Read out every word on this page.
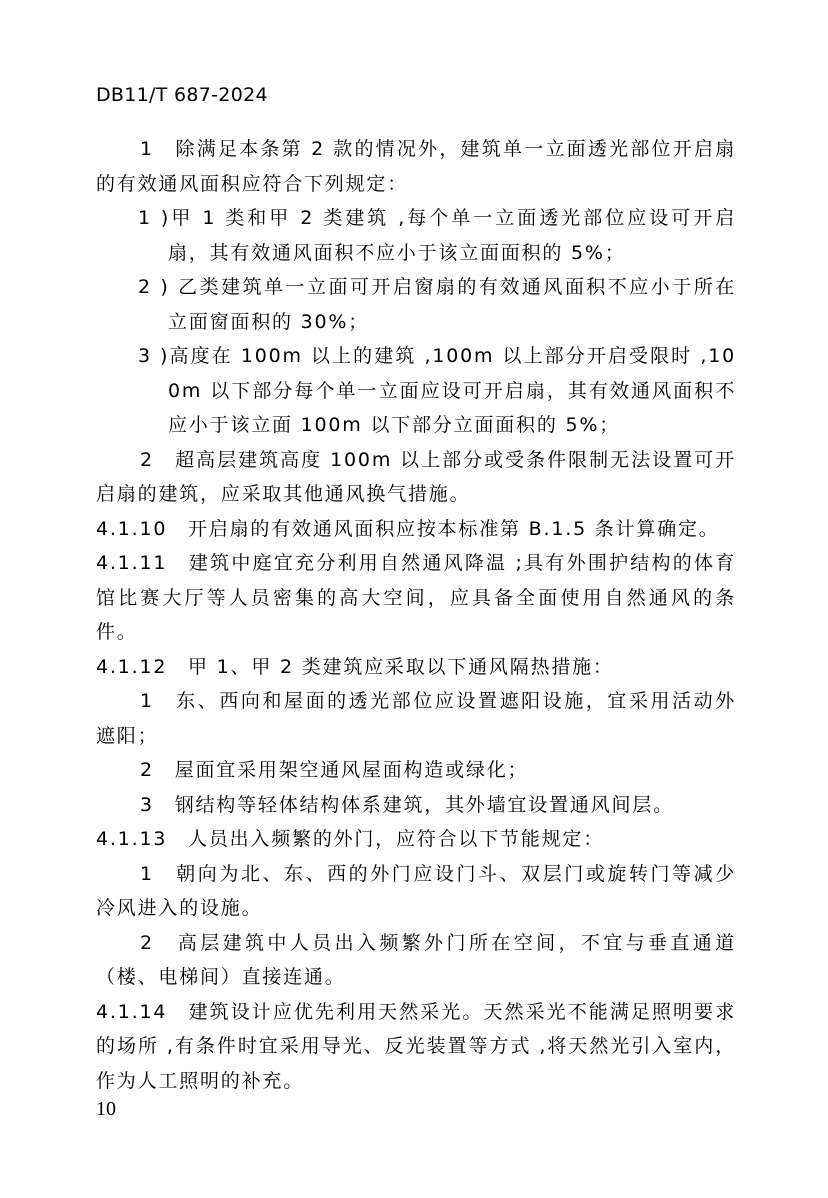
DB11/T 687-2024

1　除满足本条第 2 款的情况外，建筑单一立面透光部位开启扇的有效通风面积应符合下列规定：

1 )甲 1 类和甲 2 类建筑 ,每个单一立面透光部位应设可开启扇，其有效通风面积不应小于该立面面积的 5%；

2 ) 乙类建筑单一立面可开启窗扇的有效通风面积不应小于所在立面窗面积的 30%；

3 )高度在 100m 以上的建筑 ,100m 以上部分开启受限时 ,100m 以下部分每个单一立面应设可开启扇，其有效通风面积不应小于该立面 100m 以下部分立面面积的 5%；

2　超高层建筑高度 100m 以上部分或受条件限制无法设置可开启扇的建筑，应采取其他通风换气措施。

4.1.10　开启扇的有效通风面积应按本标准第 B.1.5 条计算确定。

4.1.11　建筑中庭宜充分利用自然通风降温 ;具有外围护结构的体育馆比赛大厅等人员密集的高大空间，应具备全面使用自然通风的条件。

4.1.12　甲 1、甲 2 类建筑应采取以下通风隔热措施：

1　东、西向和屋面的透光部位应设置遮阳设施，宜采用活动外遮阳；

2　屋面宜采用架空通风屋面构造或绿化；

3　钢结构等轻体结构体系建筑，其外墙宜设置通风间层。

4.1.13　人员出入频繁的外门，应符合以下节能规定：

1　朝向为北、东、西的外门应设门斗、双层门或旋转门等减少冷风进入的设施。

2　高层建筑中人员出入频繁外门所在空间，不宜与垂直通道（楼、电梯间）直接连通。

4.1.14　建筑设计应优先利用天然采光。天然采光不能满足照明要求的场所 ,有条件时宜采用导光、反光装置等方式 ,将天然光引入室内，作为人工照明的补充。

10
